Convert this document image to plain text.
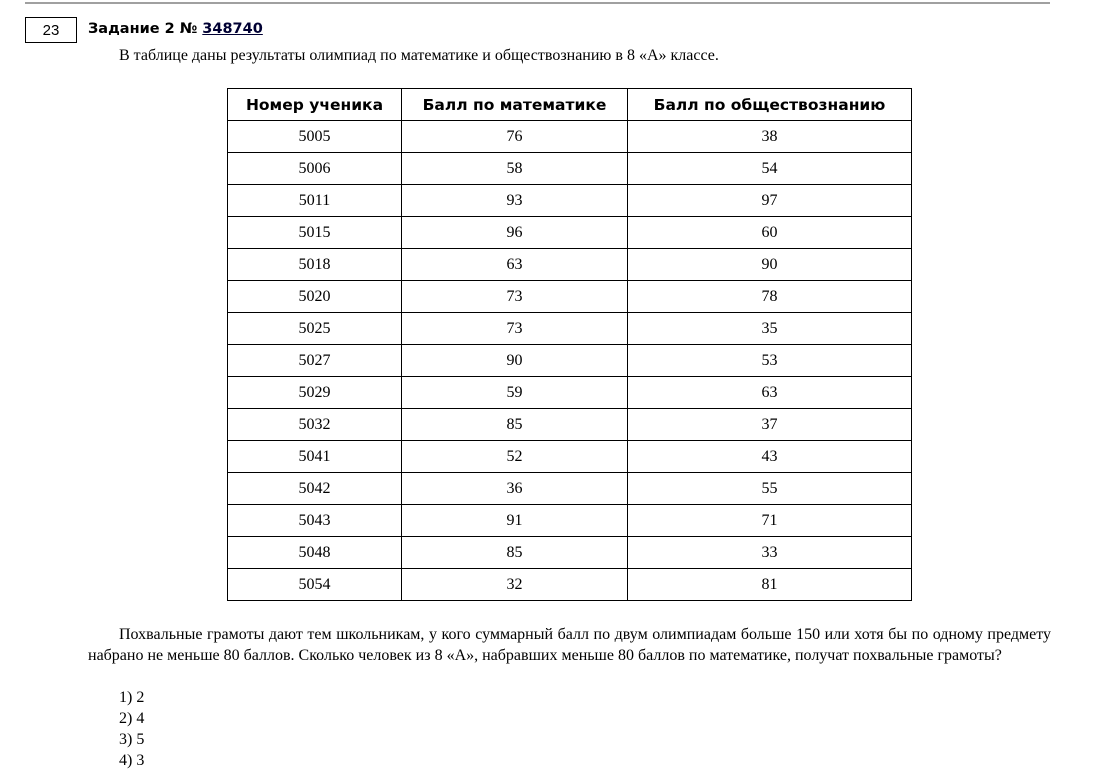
23 Задание 2 № 348740
В таблице даны результаты олимпиад по математике и обществознанию в 8 «А» классе.
Номер ученика	Балл по математике	Балл по обществознанию
5005	76	38
5006	58	54
5011	93	97
5015	96	60
5018	63	90
5020	73	78
5025	73	35
5027	90	53
5029	59	63
5032	85	37
5041	52	43
5042	36	55
5043	91	71
5048	85	33
5054	32	81
Похвальные грамоты дают тем школьникам, у кого суммарный балл по двум олимпиадам больше 150 или хотя бы по одному предмету набрано не меньше 80 баллов. Сколько человек из 8 «А», набравших меньше 80 баллов по математике, получат похвальные грамоты?
1) 2
2) 4
3) 5
4) 3
